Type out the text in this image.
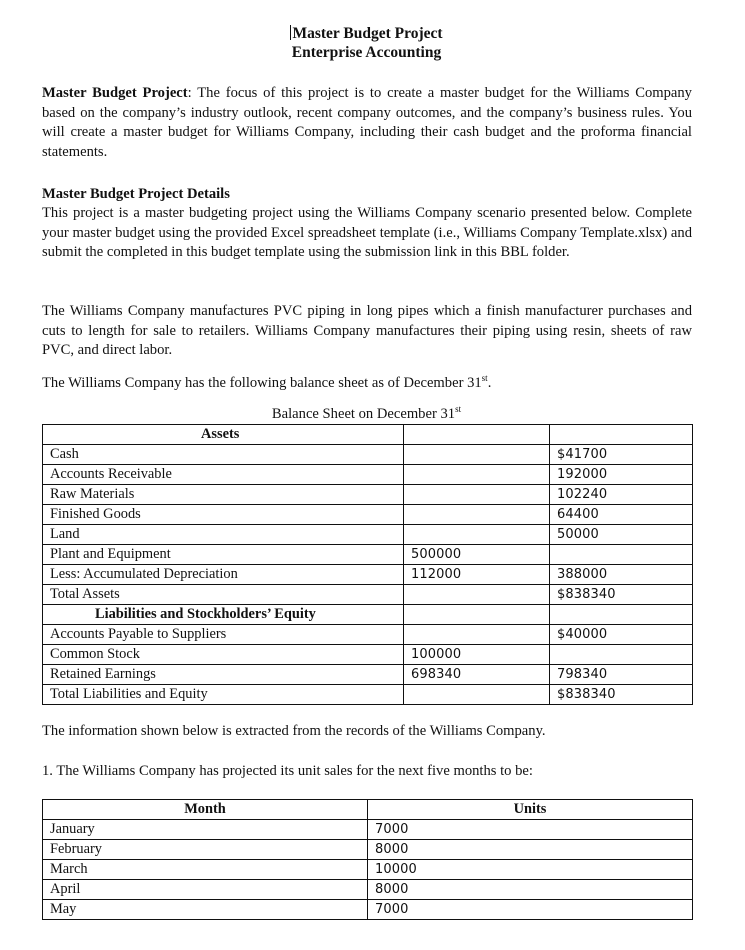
Master Budget Project
Enterprise Accounting

Master Budget Project: The focus of this project is to create a master budget for the Williams Company based on the company’s industry outlook, recent company outcomes, and the company’s business rules. You will create a master budget for Williams Company, including their cash budget and the proforma financial statements.

Master Budget Project Details

This project is a master budgeting project using the Williams Company scenario presented below. Complete your master budget using the provided Excel spreadsheet template (i.e., Williams Company Template.xlsx) and submit the completed in this budget template using the submission link in this BBL folder.

The Williams Company manufactures PVC piping in long pipes which a finish manufacturer purchases and cuts to length for sale to retailers. Williams Company manufactures their piping using resin, sheets of raw PVC, and direct labor.

The Williams Company has the following balance sheet as of December 31st.

Balance Sheet on December 31st
Assets		
Cash		$41700
Accounts Receivable		192000
Raw Materials		102240
Finished Goods		64400
Land		50000
Plant and Equipment	500000	
Less: Accumulated Depreciation	112000	388000
Total Assets		$838340
Liabilities and Stockholders’ Equity		
Accounts Payable to Suppliers		$40000
Common Stock	100000	
Retained Earnings	698340	798340
Total Liabilities and Equity		$838340

The information shown below is extracted from the records of the Williams Company.

1. The Williams Company has projected its unit sales for the next five months to be:

Month	Units
January	7000
February	8000
March	10000
April	8000
May	7000
